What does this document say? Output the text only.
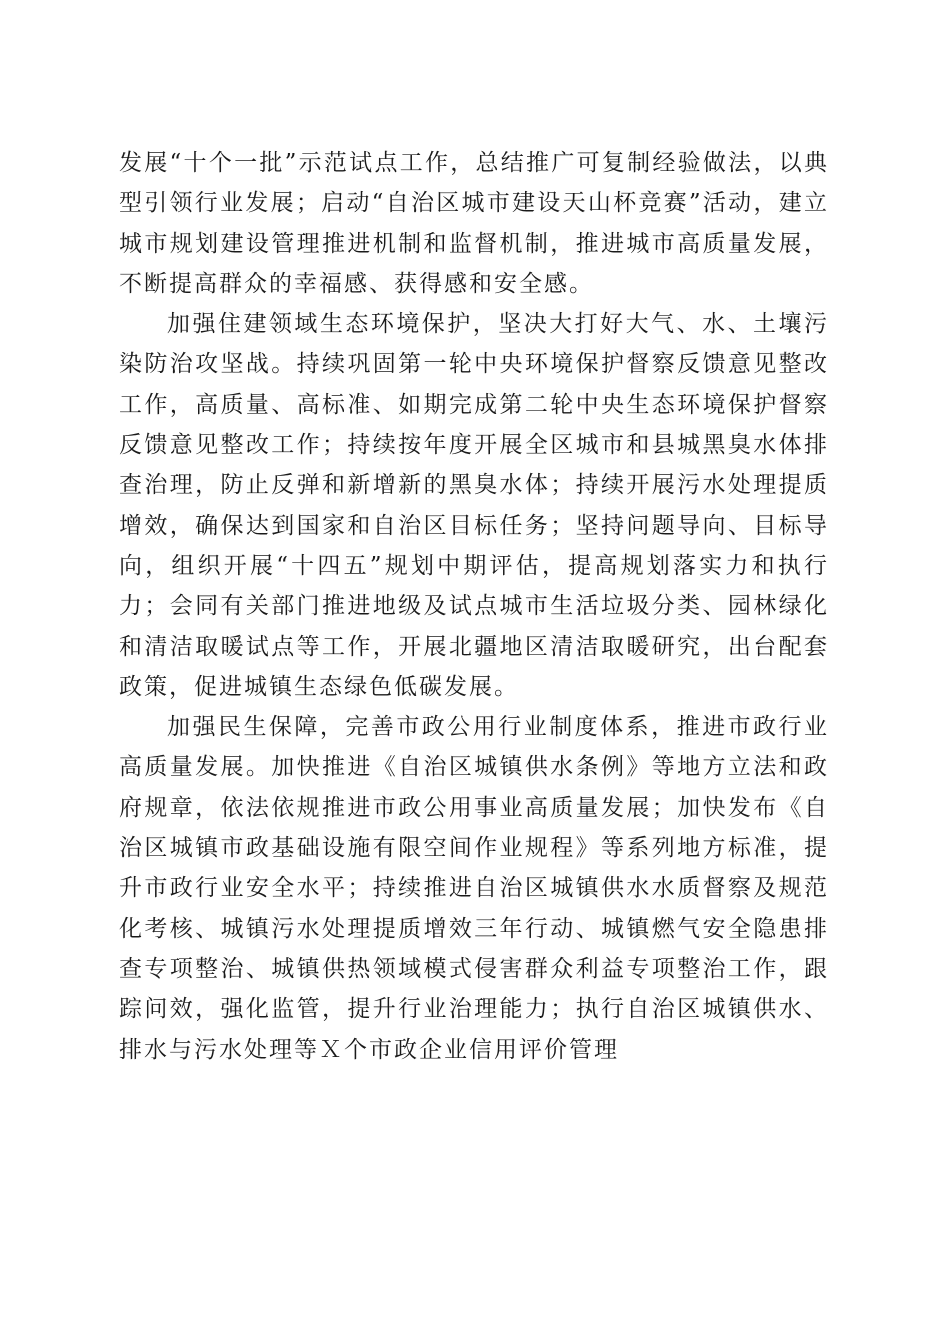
发展“十个一批”示范试点工作，总结推广可复制经验做法，以典型引领行业发展；启动“自治区城市建设天山杯竞赛”活动，建立城市规划建设管理推进机制和监督机制，推进城市高质量发展，不断提高群众的幸福感、获得感和安全感。

加强住建领域生态环境保护，坚决大打好大气、水、土壤污染防治攻坚战。持续巩固第一轮中央环境保护督察反馈意见整改工作，高质量、高标准、如期完成第二轮中央生态环境保护督察反馈意见整改工作；持续按年度开展全区城市和县城黑臭水体排查治理，防止反弹和新增新的黑臭水体；持续开展污水处理提质增效，确保达到国家和自治区目标任务；坚持问题导向、目标导向，组织开展“十四五”规划中期评估，提高规划落实力和执行力；会同有关部门推进地级及试点城市生活垃圾分类、园林绿化和清洁取暖试点等工作，开展北疆地区清洁取暖研究，出台配套政策，促进城镇生态绿色低碳发展。

加强民生保障，完善市政公用行业制度体系，推进市政行业高质量发展。加快推进《自治区城镇供水条例》等地方立法和政府规章，依法依规推进市政公用事业高质量发展；加快发布《自治区城镇市政基础设施有限空间作业规程》等系列地方标准，提升市政行业安全水平；持续推进自治区城镇供水水质督察及规范化考核、城镇污水处理提质增效三年行动、城镇燃气安全隐患排查专项整治、城镇供热领域模式侵害群众利益专项整治工作，跟踪问效，强化监管，提升行业治理能力；执行自治区城镇供水、排水与污水处理等Ｘ个市政企业信用评价管理
